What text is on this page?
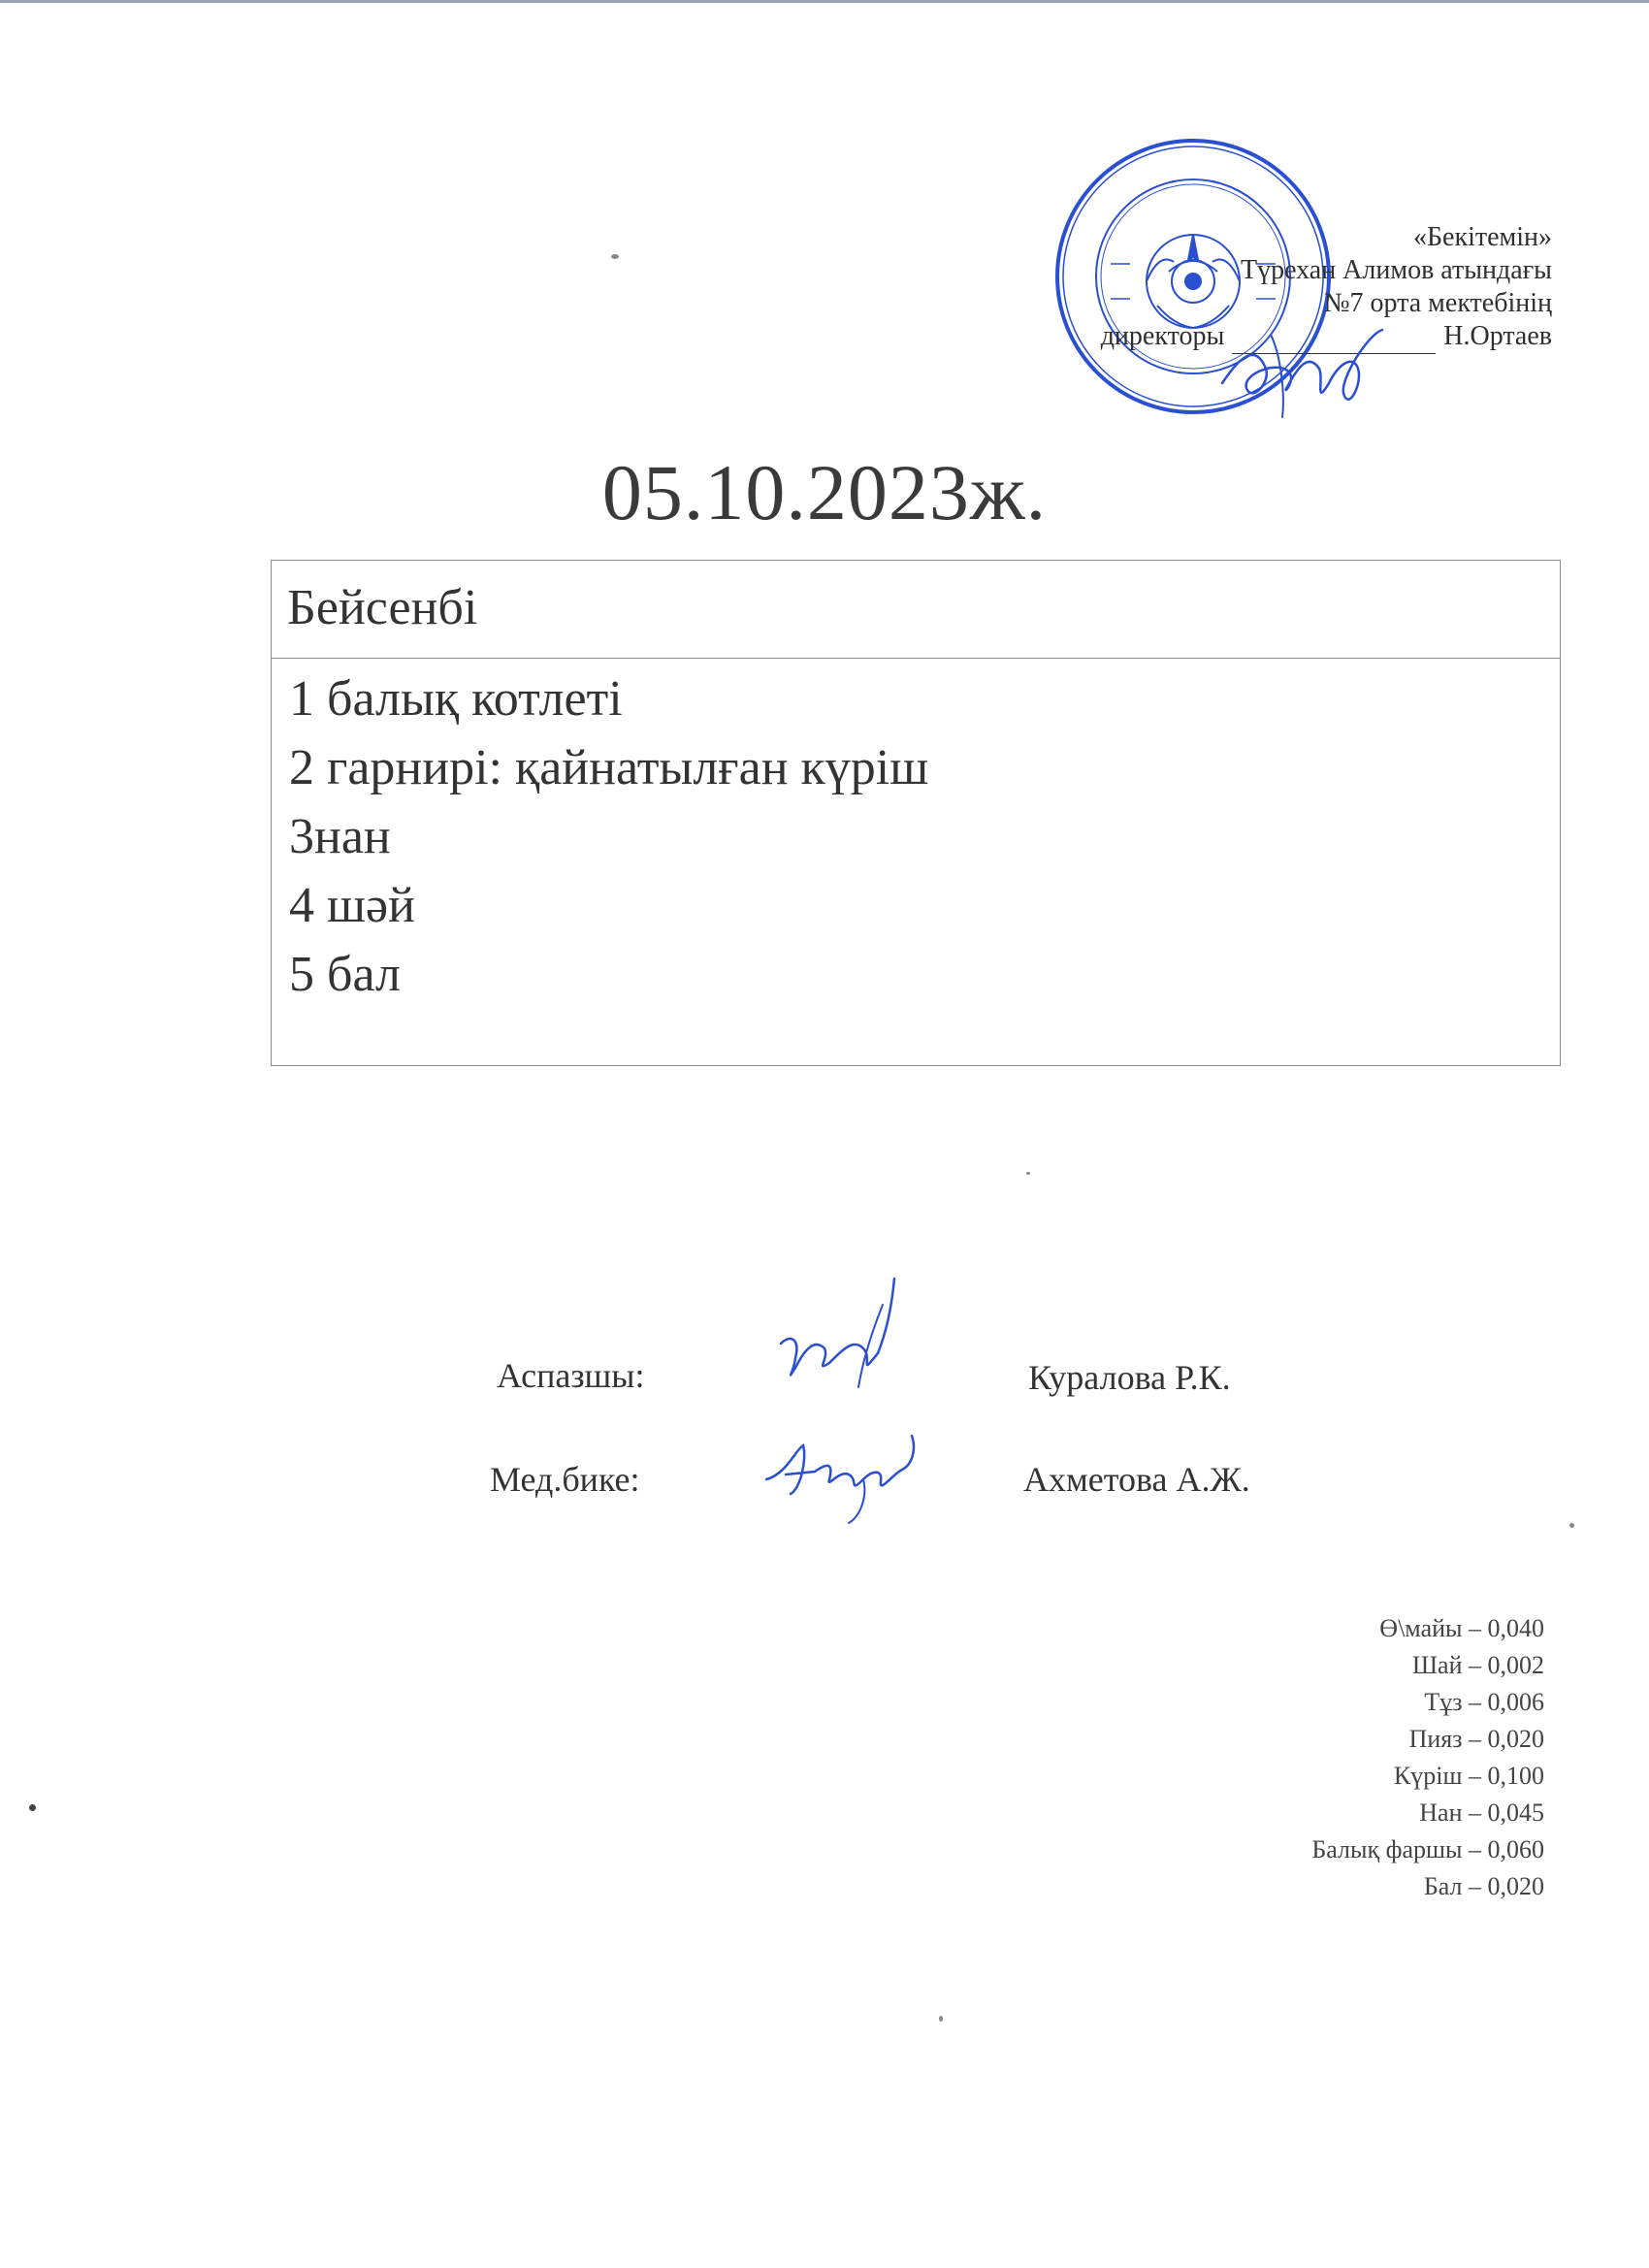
«Бекітемін»
Түрехан Алимов атындағы
№7 орта мектебінің
директоры	Н.Ортаев
05.10.2023ж.
Бейсенбі
1 балық котлеті
2 гарнирі: қайнатылған күріш
3нан
4 шәй
5 бал
Аспазшы:	Куралова Р.К.
Мед.бике:	Ахметова А.Ж.
Ө\майы – 0,040
Шай – 0,002
Тұз – 0,006
Пияз – 0,020
Күріш – 0,100
Нан – 0,045
Балық фаршы – 0,060
Бал – 0,020
